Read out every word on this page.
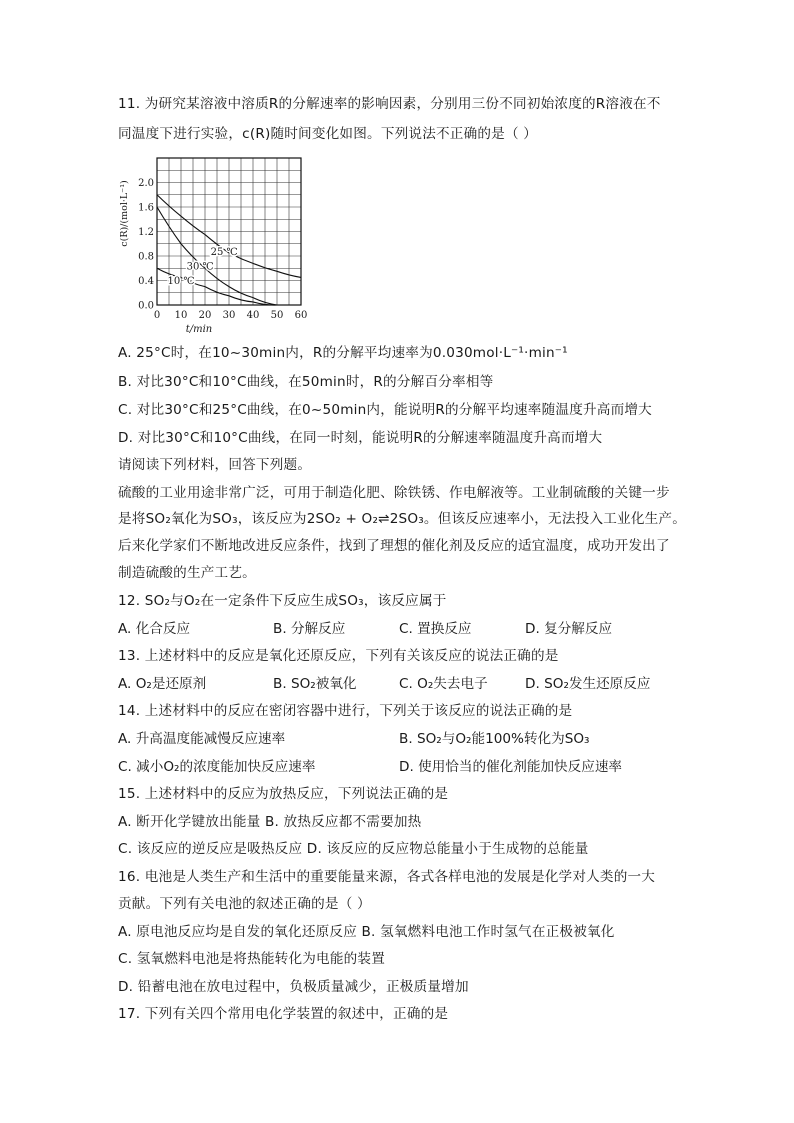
11. 为研究某溶液中溶质R的分解速率的影响因素，分别用三份不同初始浓度的R溶液在不
同温度下进行实验，c(R)随时间变化如图。下列说法不正确的是（ ）
0 10 20 30 40 50 60
0.0
0.4
0.8
1.2
1.6
2.0
25 ℃
30 ℃
10 ℃
t/min
c(R)/(mol·L⁻¹)
A. 25°C时，在10~30min内，R的分解平均速率为0.030mol·L⁻¹·min⁻¹
B. 对比30°C和10°C曲线，在50min时，R的分解百分率相等
C. 对比30°C和25°C曲线，在0~50min内，能说明R的分解平均速率随温度升高而增大
D. 对比30°C和10°C曲线，在同一时刻，能说明R的分解速率随温度升高而增大
请阅读下列材料，回答下列题。
硫酸的工业用途非常广泛，可用于制造化肥、除铁锈、作电解液等。工业制硫酸的关键一步
是将SO₂氧化为SO₃，该反应为2SO₂ + O₂⇌2SO₃。但该反应速率小，无法投入工业化生产。
后来化学家们不断地改进反应条件，找到了理想的催化剂及反应的适宜温度，成功开发出了
制造硫酸的生产工艺。
12. SO₂与O₂在一定条件下反应生成SO₃，该反应属于
A. 化合反应	B. 分解反应	C. 置换反应	D. 复分解反应
13. 上述材料中的反应是氧化还原反应，下列有关该反应的说法正确的是
A. O₂是还原剂	B. SO₂被氧化	C. O₂失去电子	D. SO₂发生还原反应
14. 上述材料中的反应在密闭容器中进行，下列关于该反应的说法正确的是
A. 升高温度能减慢反应速率	B. SO₂与O₂能100%转化为SO₃
C. 减小O₂的浓度能加快反应速率	D. 使用恰当的催化剂能加快反应速率
15. 上述材料中的反应为放热反应，下列说法正确的是
A. 断开化学键放出能量 B. 放热反应都不需要加热
C. 该反应的逆反应是吸热反应 D. 该反应的反应物总能量小于生成物的总能量
16. 电池是人类生产和生活中的重要能量来源，各式各样电池的发展是化学对人类的一大
贡献。下列有关电池的叙述正确的是（ ）
A. 原电池反应均是自发的氧化还原反应 B. 氢氧燃料电池工作时氢气在正极被氧化
C. 氢氧燃料电池是将热能转化为电能的装置
D. 铅蓄电池在放电过程中，负极质量减少，正极质量增加
17. 下列有关四个常用电化学装置的叙述中，正确的是
